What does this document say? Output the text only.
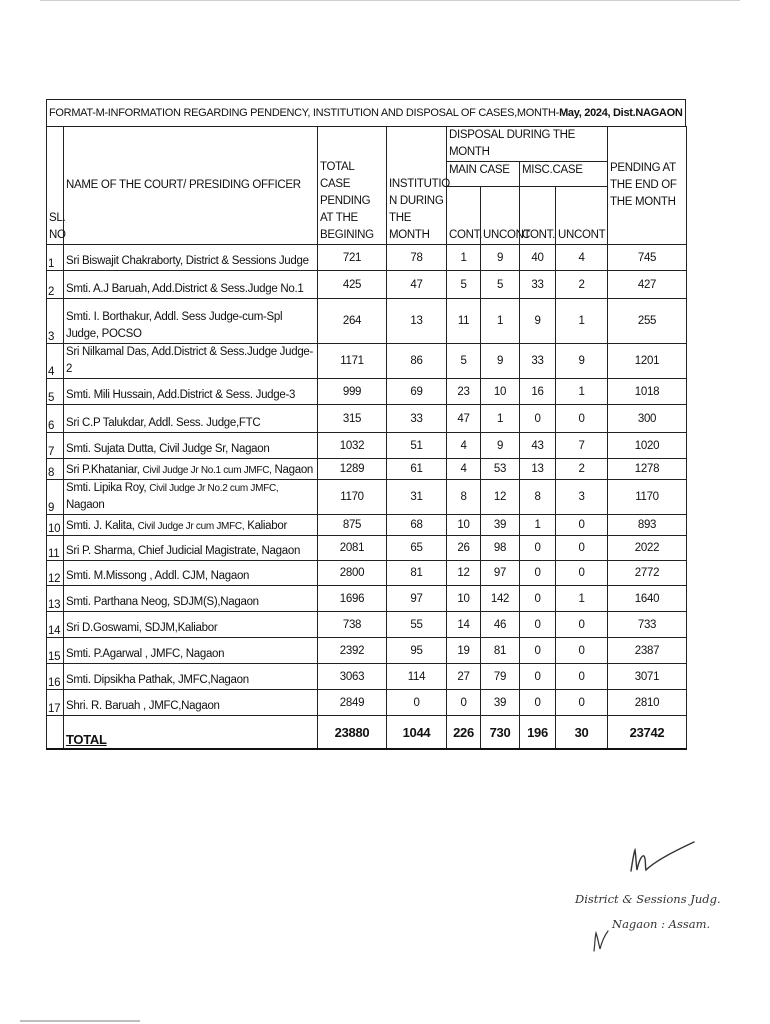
FORMAT-M-INFORMATION REGARDING PENDENCY, INSTITUTION AND DISPOSAL OF CASES,MONTH-May, 2024, Dist.NAGAON
SL. NO	NAME OF THE COURT/ PRESIDING OFFICER	TOTAL CASE PENDING AT THE BEGINING	INSTITUTIO N DURING THE MONTH	DISPOSAL DURING THE MONTH				PENDING AT THE END OF THE MONTH
				MAIN CASE		MISC.CASE		
				CONT.	UNCONT	CONT.	UNCONT	
1	Sri Biswajit Chakraborty, District & Sessions Judge	721	78	1	9	40	4	745
2	Smti. A.J Baruah, Add.District & Sess.Judge No.1	425	47	5	5	33	2	427
3	Smti. I. Borthakur, Addl. Sess Judge-cum-Spl Judge, POCSO	264	13	11	1	9	1	255
4	Sri Nilkamal Das, Add.District & Sess.Judge Judge-2	1171	86	5	9	33	9	1201
5	Smti. Mili Hussain, Add.District & Sess. Judge-3	999	69	23	10	16	1	1018
6	Sri C.P Talukdar, Addl. Sess. Judge,FTC	315	33	47	1	0	0	300
7	Smti. Sujata Dutta, Civil Judge Sr, Nagaon	1032	51	4	9	43	7	1020
8	Sri P.Khataniar, Civil Judge Jr No.1 cum JMFC, Nagaon	1289	61	4	53	13	2	1278
9	Smti. Lipika Roy, Civil Judge Jr No.2 cum JMFC, Nagaon	1170	31	8	12	8	3	1170
10	Smti. J. Kalita, Civil Judge Jr cum JMFC, Kaliabor	875	68	10	39	1	0	893
11	Sri P. Sharma, Chief Judicial Magistrate, Nagaon	2081	65	26	98	0	0	2022
12	Smti. M.Missong , Addl. CJM, Nagaon	2800	81	12	97	0	0	2772
13	Smti. Parthana Neog, SDJM(S),Nagaon	1696	97	10	142	0	1	1640
14	Sri D.Goswami, SDJM,Kaliabor	738	55	14	46	0	0	733
15	Smti. P.Agarwal , JMFC, Nagaon	2392	95	19	81	0	0	2387
16	Smti. Dipsikha Pathak, JMFC,Nagaon	3063	114	27	79	0	0	3071
17	Shri. R. Baruah , JMFC,Nagaon	2849	0	0	39	0	0	2810
	TOTAL	23880	1044	226	730	196	30	23742
District & Sessions Judg.
Nagaon : Assam.
